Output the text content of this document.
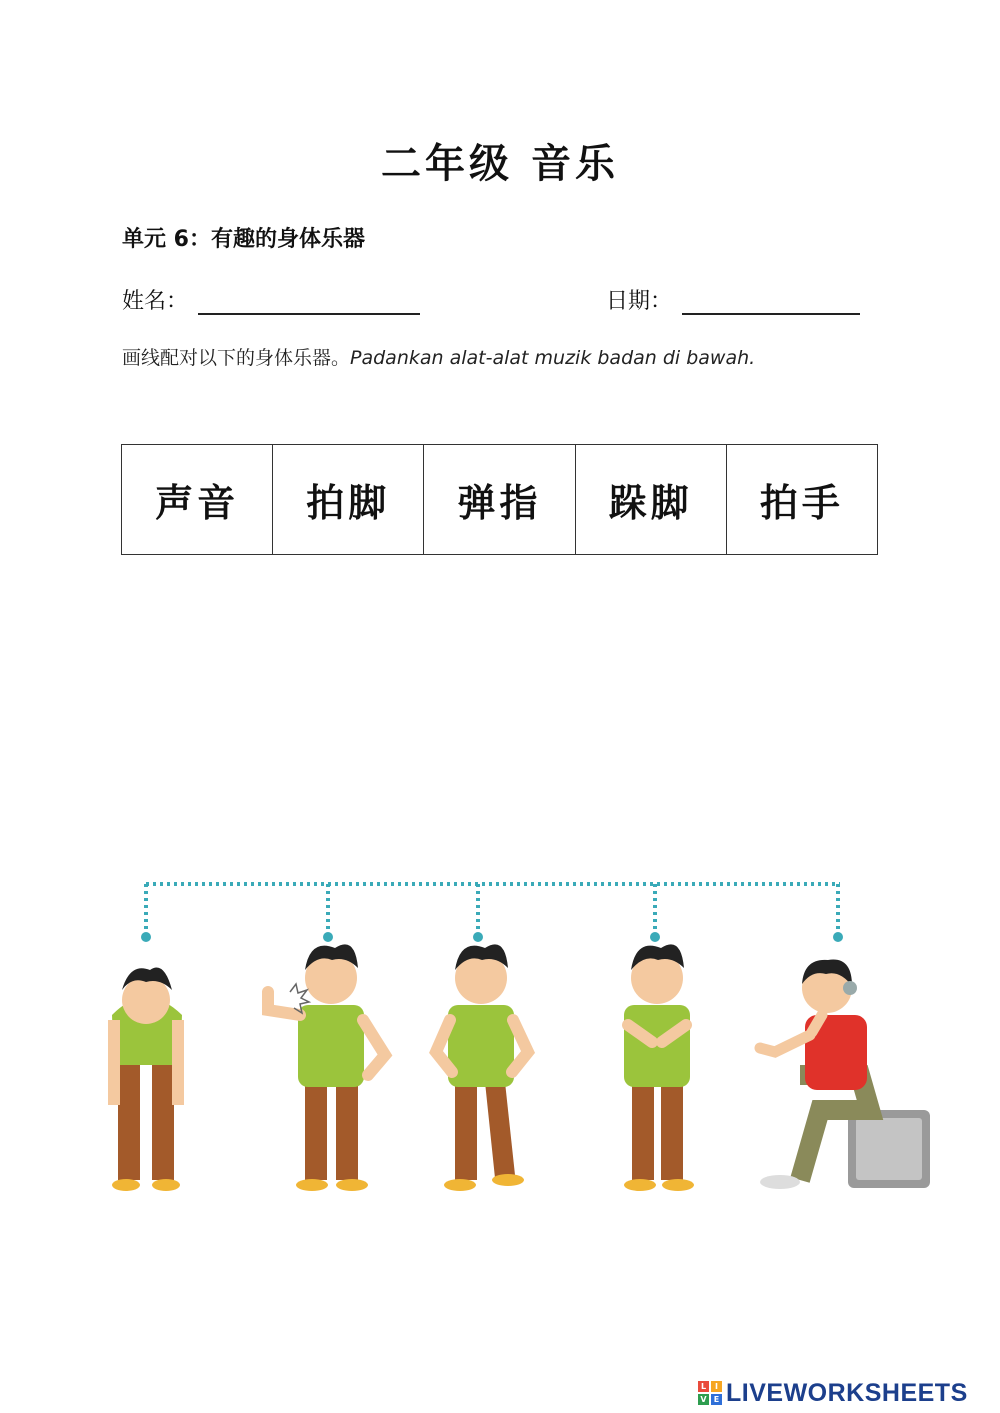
二年级 音乐
单元 6：有趣的身体乐器
姓名：	日期：
画线配对以下的身体乐器。Padankan alat-alat muzik badan di bawah.
声音	拍脚	弹指	跺脚	拍手
L	I
V E LIVEWORKSHEETS
